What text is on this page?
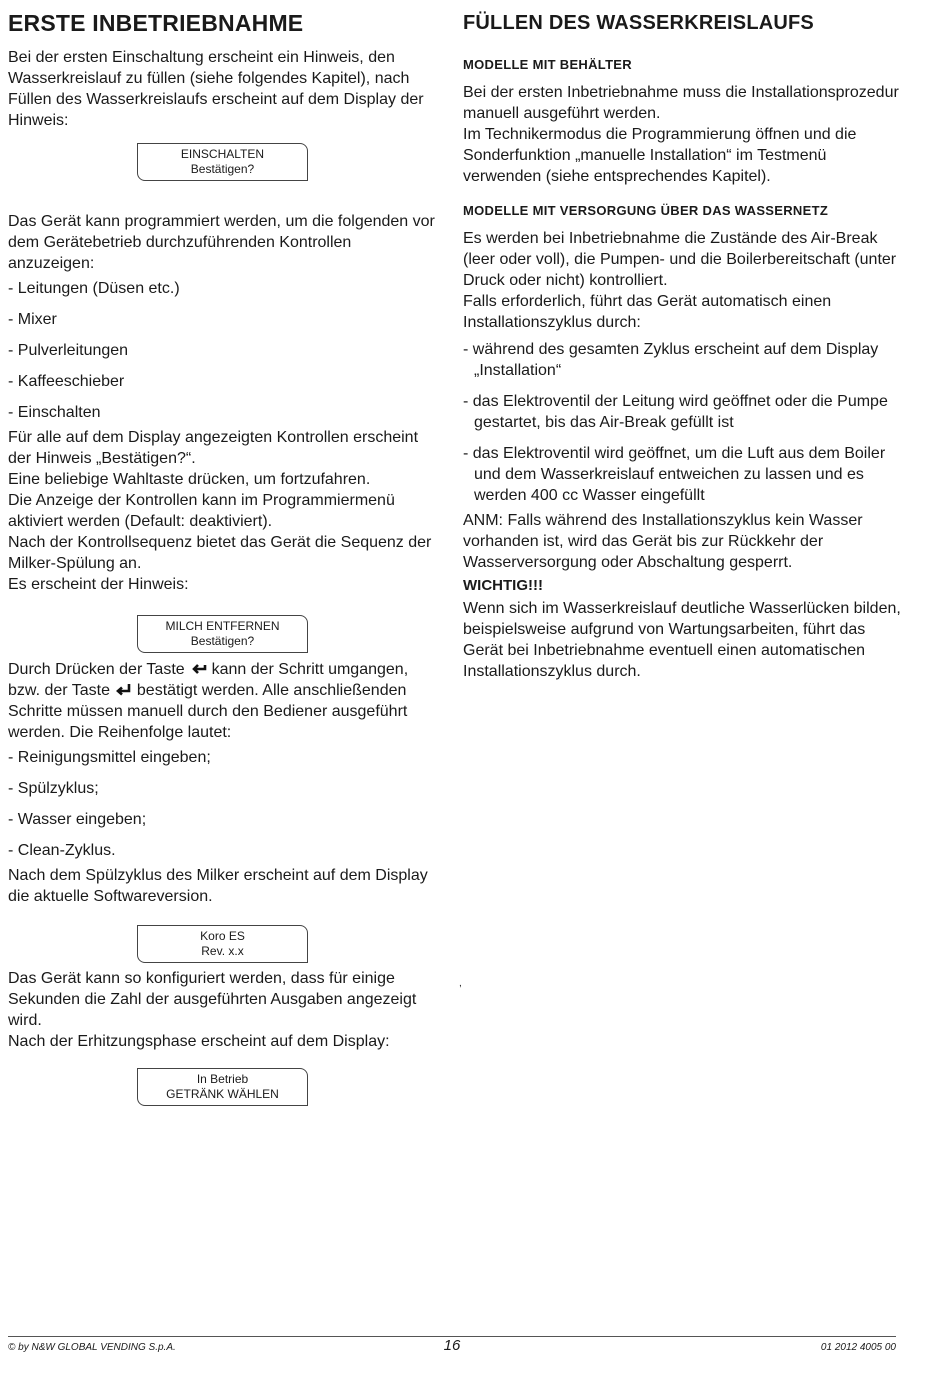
ERSTE INBETRIEBNAHME

Bei der ersten Einschaltung erscheint ein Hinweis, den Wasserkreislauf zu füllen (siehe folgendes Kapitel), nach Füllen des Wasserkreislaufs erscheint auf dem Display der Hinweis:

EINSCHALTEN
Bestätigen?

Das Gerät kann programmiert werden, um die folgenden vor dem Gerätebetrieb durchzuführenden Kontrollen anzuzeigen:

- Leitungen (Düsen etc.)
- Mixer
- Pulverleitungen
- Kaffeeschieber
- Einschalten

Für alle auf dem Display angezeigten Kontrollen erscheint der Hinweis „Bestätigen?“.

Eine beliebige Wahltaste drücken, um fortzufahren.

Die Anzeige der Kontrollen kann im Programmiermenü aktiviert werden (Default: deaktiviert).

Nach der Kontrollsequenz bietet das Gerät die Sequenz der Milker-Spülung an.

Es erscheint der Hinweis:

MILCH ENTFERNEN
Bestätigen?

Durch Drücken der Taste kann der Schritt umgangen, bzw. der Taste bestätigt werden. Alle anschließenden Schritte müssen manuell durch den Bediener ausgeführt werden. Die Reihenfolge lautet:

- Reinigungsmittel eingeben;
- Spülzyklus;
- Wasser eingeben;
- Clean-Zyklus.

Nach dem Spülzyklus des Milker erscheint auf dem Display die aktuelle Softwareversion.

Koro ES
Rev. x.x

Das Gerät kann so konfiguriert werden, dass für einige Sekunden die Zahl der ausgeführten Ausgaben angezeigt wird.

Nach der Erhitzungsphase erscheint auf dem Display:

In Betrieb
GETRÄNK WÄHLEN
FÜLLEN DES WASSERKREISLAUFS
MODELLE MIT BEHÄLTER

Bei der ersten Inbetriebnahme muss die Installationsprozedur manuell ausgeführt werden.

Im Technikermodus die Programmierung öffnen und die Sonderfunktion „manuelle Installation“ im Testmenü verwenden (siehe entsprechendes Kapitel).

MODELLE MIT VERSORGUNG ÜBER DAS WASSERNETZ

Es werden bei Inbetriebnahme die Zustände des Air-Break (leer oder voll), die Pumpen- und die Boilerbereitschaft (unter Druck oder nicht) kontrolliert.

Falls erforderlich, führt das Gerät automatisch einen Installationszyklus durch:

- während des gesamten Zyklus erscheint auf dem Display „Installation“
- das Elektroventil der Leitung wird geöffnet oder die Pumpe gestartet, bis das Air-Break gefüllt ist
- das Elektroventil wird geöffnet, um die Luft aus dem Boiler und dem Wasserkreislauf entweichen zu lassen und es werden 400 cc Wasser eingefüllt

ANM: Falls während des Installationszyklus kein Wasser vorhanden ist, wird das Gerät bis zur Rückkehr der Wasserversorgung oder Abschaltung gesperrt.

WICHTIG!!!

Wenn sich im Wasserkreislauf deutliche Wasserlücken bilden, beispielsweise aufgrund von Wartungsarbeiten, führt das Gerät bei Inbetriebnahme eventuell einen automatischen Installationszyklus durch.

,
© by N&W GLOBAL VENDING S.p.A.	16	01 2012 4005 00
